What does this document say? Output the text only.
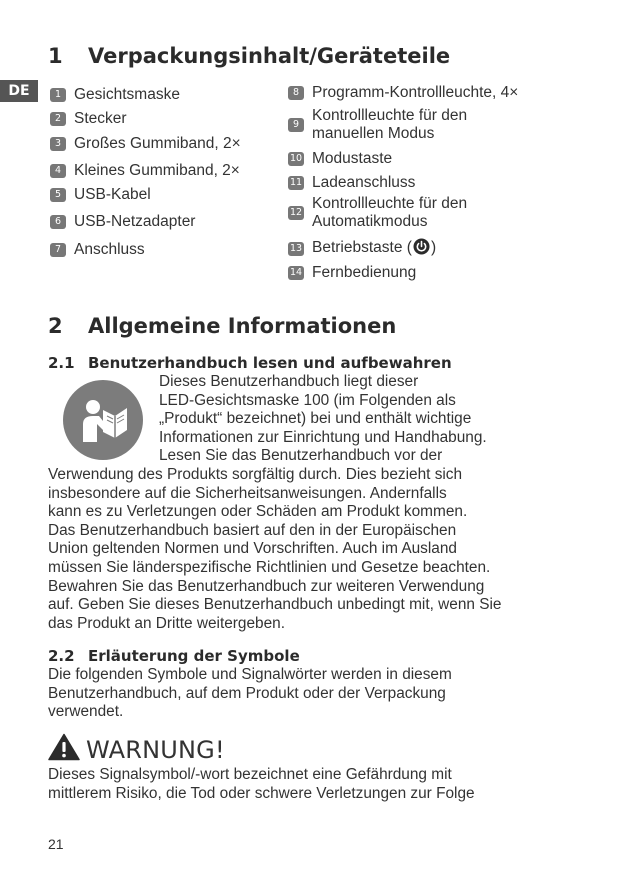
DE
1 Verpackungsinhalt/Geräteteile
1 Gesichtsmaske
2 Stecker
3 Großes Gummiband, 2×
4 Kleines Gummiband, 2×
5 USB-Kabel
6 USB-Netzadapter
7 Anschluss
8 Programm-Kontrollleuchte, 4×
9
Kontrollleuchte für den
manuellen Modus
10 Modustaste
11 Ladeanschluss
12
Kontrollleuchte für den
Automatikmodus
13 Betriebstaste ( )
14 Fernbedienung
2 Allgemeine Informationen
2.1 Benutzerhandbuch lesen und aufbewahren
Dieses Benutzerhandbuch liegt dieser
LED-Gesichtsmaske 100 (im Folgenden als
„Produkt“ bezeichnet) bei und enthält wichtige
Informationen zur Einrichtung und Handhabung.
Lesen Sie das Benutzerhandbuch vor der
Verwendung des Produkts sorgfältig durch. Dies bezieht sich
insbesondere auf die Sicherheitsanweisungen. Andernfalls
kann es zu Verletzungen oder Schäden am Produkt kommen.
Das Benutzerhandbuch basiert auf den in der Europäischen
Union geltenden Normen und Vorschriften. Auch im Ausland
müssen Sie länderspezifische Richtlinien und Gesetze beachten.
Bewahren Sie das Benutzerhandbuch zur weiteren Verwendung
auf. Geben Sie dieses Benutzerhandbuch unbedingt mit, wenn Sie
das Produkt an Dritte weitergeben.
2.2 Erläuterung der Symbole
Die folgenden Symbole und Signalwörter werden in diesem
Benutzerhandbuch, auf dem Produkt oder der Verpackung
verwendet.
WARNUNG!
Dieses Signalsymbol/-wort bezeichnet eine Gefährdung mit
mittlerem Risiko, die Tod oder schwere Verletzungen zur Folge
21
